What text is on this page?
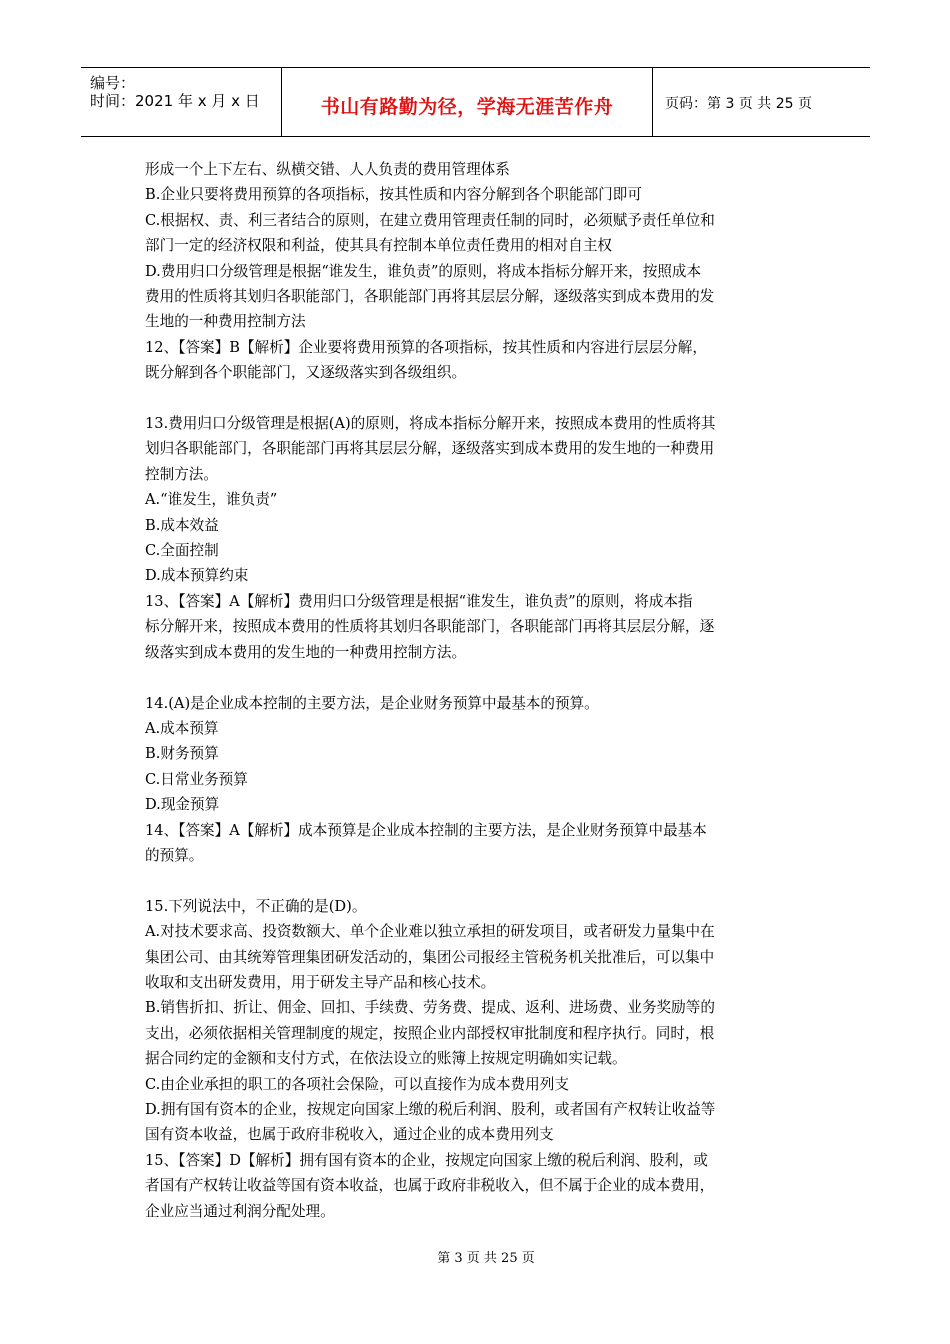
编号：
时间：2021 年 x 月 x 日	书山有路勤为径，学海无涯苦作舟	页码：第 3 页 共 25 页

形成一个上下左右、纵横交错、人人负责的费用管理体系

B.企业只要将费用预算的各项指标，按其性质和内容分解到各个职能部门即可

C.根据权、责、利三者结合的原则，在建立费用管理责任制的同时，必须赋予责任单位和

部门一定的经济权限和利益，使其具有控制本单位责任费用的相对自主权

D.费用归口分级管理是根据“谁发生，谁负责”的原则，将成本指标分解开来，按照成本

费用的性质将其划归各职能部门，各职能部门再将其层层分解，逐级落实到成本费用的发

生地的一种费用控制方法

12、【答案】B【解析】企业要将费用预算的各项指标，按其性质和内容进行层层分解，

既分解到各个职能部门，又逐级落实到各级组织。

13.费用归口分级管理是根据(A)的原则，将成本指标分解开来，按照成本费用的性质将其

划归各职能部门，各职能部门再将其层层分解，逐级落实到成本费用的发生地的一种费用

控制方法。

A.“谁发生，谁负责”

B.成本效益

C.全面控制

D.成本预算约束

13、【答案】A【解析】费用归口分级管理是根据“谁发生，谁负责”的原则，将成本指

标分解开来，按照成本费用的性质将其划归各职能部门，各职能部门再将其层层分解，逐

级落实到成本费用的发生地的一种费用控制方法。

14.(A)是企业成本控制的主要方法，是企业财务预算中最基本的预算。

A.成本预算

B.财务预算

C.日常业务预算

D.现金预算

14、【答案】A【解析】成本预算是企业成本控制的主要方法，是企业财务预算中最基本

的预算。

15.下列说法中，不正确的是(D)。

A.对技术要求高、投资数额大、单个企业难以独立承担的研发项目，或者研发力量集中在

集团公司、由其统筹管理集团研发活动的，集团公司报经主管税务机关批准后，可以集中

收取和支出研发费用，用于研发主导产品和核心技术。

B.销售折扣、折让、佣金、回扣、手续费、劳务费、提成、返利、进场费、业务奖励等的

支出，必须依据相关管理制度的规定，按照企业内部授权审批制度和程序执行。同时，根

据合同约定的金额和支付方式，在依法设立的账簿上按规定明确如实记载。

C.由企业承担的职工的各项社会保险，可以直接作为成本费用列支

D.拥有国有资本的企业，按规定向国家上缴的税后利润、股利，或者国有产权转让收益等

国有资本收益，也属于政府非税收入，通过企业的成本费用列支

15、【答案】D【解析】拥有国有资本的企业，按规定向国家上缴的税后利润、股利，或

者国有产权转让收益等国有资本收益，也属于政府非税收入，但不属于企业的成本费用，

企业应当通过利润分配处理。

第 3 页 共 25 页
